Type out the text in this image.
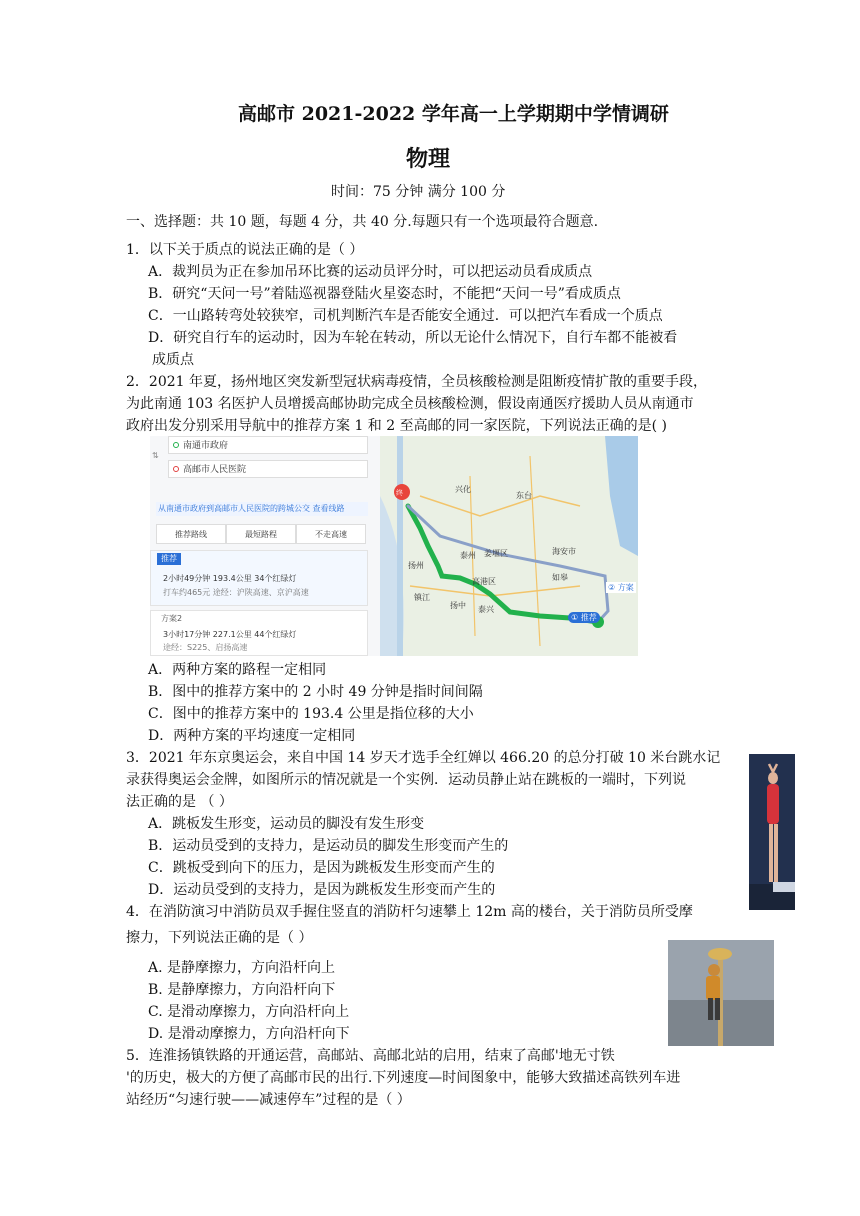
高邮市 2021-2022 学年高一上学期期中学情调研
物理
时间：75 分钟 满分 100 分
一、选择题：共 10 题，每题 4 分，共 40 分.每题只有一个选项最符合题意.
1．以下关于质点的说法正确的是（ ）
A．裁判员为正在参加吊环比赛的运动员评分时，可以把运动员看成质点
B．研究“天问一号”着陆巡视器登陆火星姿态时，不能把“天问一号”看成质点
C．一山路转弯处较狭窄，司机判断汽车是否能安全通过．可以把汽车看成一个质点
D．研究自行车的运动时，因为车轮在转动，所以无论什么情况下，自行车都不能被看
成质点
2．2021 年夏，扬州地区突发新型冠状病毒疫情，全员核酸检测是阻断疫情扩散的重要手段，
为此南通 103 名医护人员增援高邮协助完成全员核酸检测，假设南通医疗援助人员从南通市
政府出发分别采用导航中的推荐方案 1 和 2 至高邮的同一家医院，下列说法正确的是( )
南通市政府
高邮市人民医院
⇅
从南通市政府到高邮市人民医院的跨城公交 查看线路
推荐路线	最短路程	不走高速
推荐
2小时49分钟 193.4公里 34个红绿灯
打车约465元 途经：沪陕高速、京沪高速
方案2
3小时17分钟 227.1公里 44个红绿灯
途经：S225、启扬高速
终	兴化
东台
泰州 姜堰区	海安市
扬州
如皋
高港区
镇江
扬中 泰兴
① 推荐
② 方案
A．两种方案的路程一定相同
B．图中的推荐方案中的 2 小时 49 分钟是指时间间隔
C．图中的推荐方案中的 193.4 公里是指位移的大小
D．两种方案的平均速度一定相同
3．2021 年东京奥运会，来自中国 14 岁天才选手全红婵以 466.20 的总分打破 10 米台跳水记
录获得奥运会金牌，如图所示的情况就是一个实例．运动员静止站在跳板的一端时，下列说
法正确的是 （ ）
A．跳板发生形变，运动员的脚没有发生形变
B．运动员受到的支持力，是运动员的脚发生形变而产生的
C．跳板受到向下的压力，是因为跳板发生形变而产生的
D．运动员受到的支持力，是因为跳板发生形变而产生的
4．在消防演习中消防员双手握住竖直的消防杆匀速攀上 12m 高的楼台，关于消防员所受摩
擦力，下列说法正确的是（ ）
A. 是静摩擦力，方向沿杆向上
B. 是静摩擦力，方向沿杆向下
C. 是滑动摩擦力，方向沿杆向上
D. 是滑动摩擦力，方向沿杆向下
5．连淮扬镇铁路的开通运营，高邮站、高邮北站的启用，结束了高邮'地无寸铁
'的历史，极大的方便了高邮市民的出行.下列速度—时间图象中，能够大致描述高铁列车进
站经历“匀速行驶——减速停车”过程的是（ ）
